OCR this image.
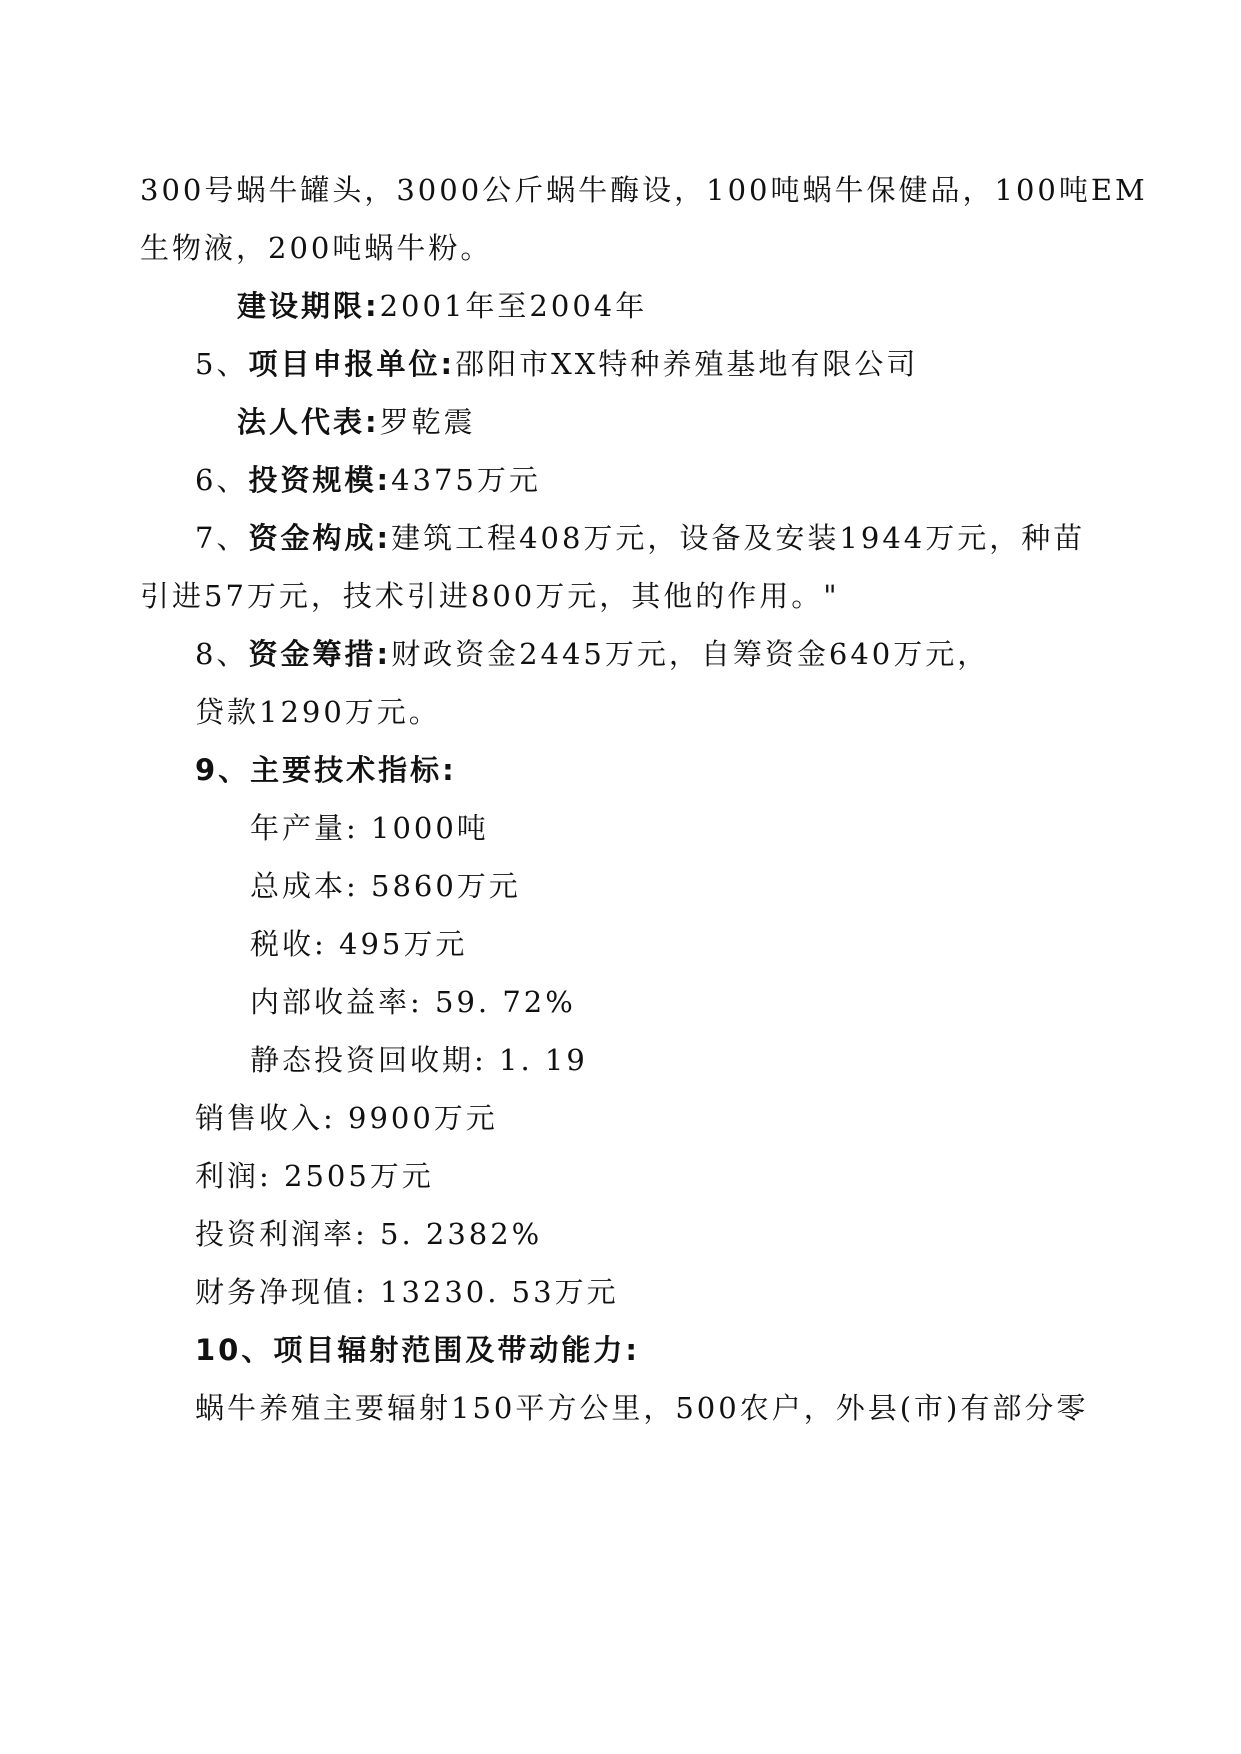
300号蜗牛罐头，3000公斤蜗牛酶设，100吨蜗牛保健品，100吨EM
生物液，200吨蜗牛粉。
建设期限:2001年至2004年
5、项目申报单位:邵阳市XX特种养殖基地有限公司
法人代表:罗乾震
6、投资规模:4375万元
7、资金构成:建筑工程408万元，设备及安装1944万元，种苗
引进57万元，技术引进800万元，其他的作用。"
8、资金筹措:财政资金2445万元，自筹资金640万元，
贷款1290万元。
9、主要技术指标:
年产量: 1000吨
总成本: 5860万元
税收: 495万元
内部收益率: 59. 72%
静态投资回收期: 1. 19
销售收入: 9900万元
利润: 2505万元
投资利润率: 5. 2382%
财务净现值: 13230. 53万元
10、项目辐射范围及带动能力:
蜗牛养殖主要辐射150平方公里，500农户，外县(市)有部分零
